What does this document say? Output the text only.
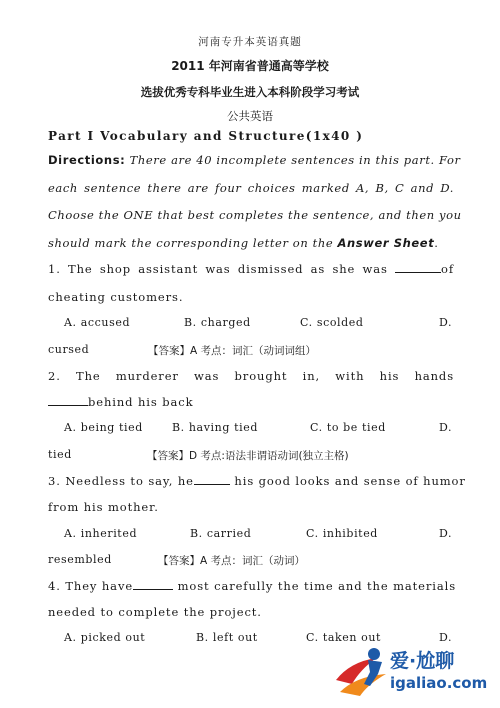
河南专升本英语真题
2011 年河南省普通高等学校
选拔优秀专科毕业生进入本科阶段学习考试
公共英语
Part Ⅰ Vocabulary and Structure(1x40 )
Directions: There are 40 incomplete sentences in this part. For
each sentence there are four choices marked A, B, C and D.
Choose the ONE that best completes the sentence, and then you
should mark the corresponding letter on the Answer Sheet.
1. The shop assistant was dismissed as she was	of
cheating customers.
A. accused	B. charged	C. scolded	D.
cursed	【答案】A 考点：词汇（动词词组）
2. The murderer was brought in, with his hands
behind his back
A. being tied	B. having tied	C. to be tied	D.
tied	【答案】D 考点:语法非谓语动词(独立主格)
3. Needless to say, he	his good looks and sense of humor
from his mother.
A. inherited	B. carried	C. inhibited	D.
resembled	【答案】A 考点：词汇（动词）
4. They have	most carefully the time and the materials
needed to complete the project.
A. picked out	B. left out	C. taken out	D.
爱·尬聊
igaliao.com
